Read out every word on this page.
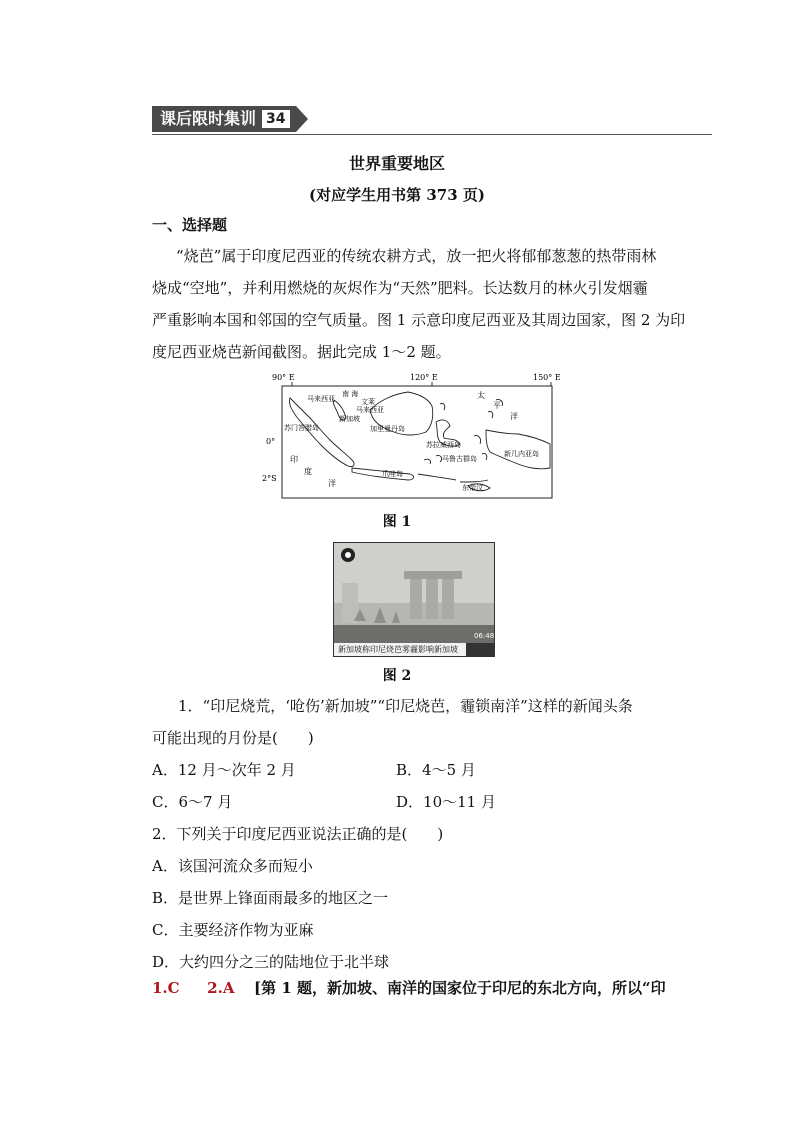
课后限时集训 34
世界重要地区
(对应学生用书第 373 页)
一、选择题

“烧芭”属于印度尼西亚的传统农耕方式，放一把火将郁郁葱葱的热带雨林

烧成“空地”，并利用燃烧的灰烬作为“天然”肥料。长达数月的林火引发烟霾

严重影响本国和邻国的空气质量。图 1 示意印度尼西亚及其周边国家，图 2 为印

度尼西亚烧芭新闻截图。据此完成 1～2 题。

90° E	120° E	150° E
0°
2°S
马来西亚
南 海
文莱
马来西亚
新加坡
苏门答腊岛	加里曼丹岛
苏拉威西岛
马鲁古群岛
新几内亚岛
爪哇岛
东帝汶
太
平
洋
印
度
洋
图 1
06:48
新加坡称印尼烧芭雾霾影响新加坡
图 2
1．“印尼烧荒，‘呛伤’新加坡”“印尼烧芭，霾锁南洋”这样的新闻头条
可能出现的月份是(　　)
A．12 月～次年 2 月	B．4～5 月
C．6～7 月	D．10～11 月
2．下列关于印度尼西亚说法正确的是(　　)
A．该国河流众多而短小
B．是世界上锋面雨最多的地区之一
C．主要经济作物为亚麻
D．大约四分之三的陆地位于北半球
1.C 2.A [第 1 题，新加坡、南洋的国家位于印尼的东北方向，所以“印
